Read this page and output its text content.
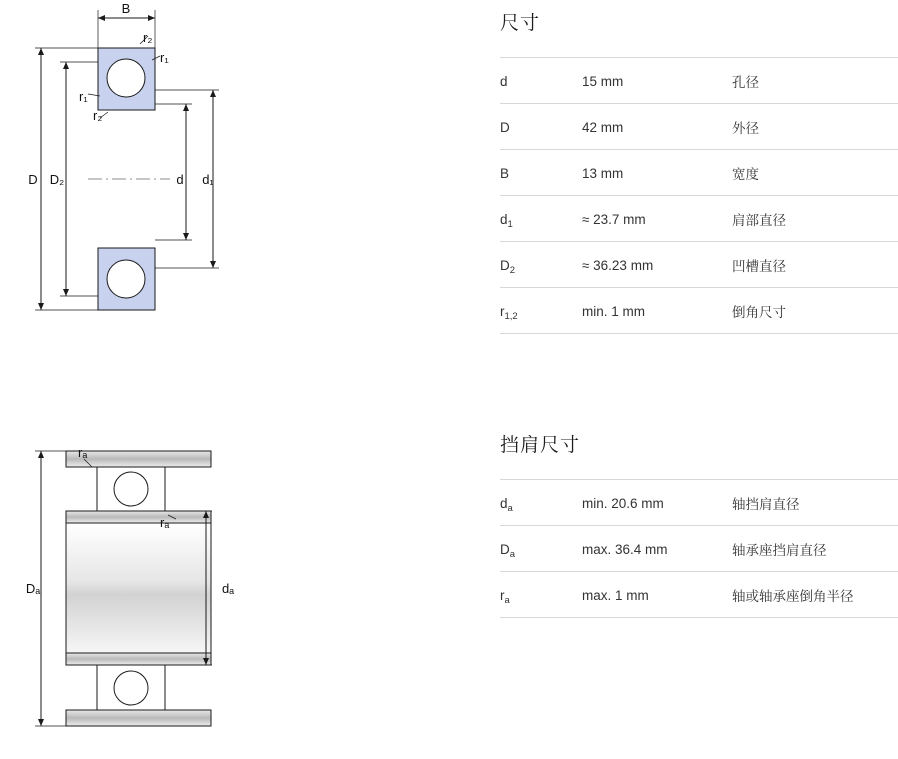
B
r₂
r₁
r₁
r₂
D D₂	d d₁
rₐ
rₐ
Dₐ	dₐ
尺寸
d	15 mm	孔径
D	42 mm	外径
B	13 mm	宽度
$d_1$	≈ 23.7 mm	肩部直径
$D_2$	≈ 36.23 mm	凹槽直径
$r_{1,2}$	min. 1 mm	倒角尺寸
挡肩尺寸
$d_a$	min. 20.6 mm	轴挡肩直径
$D_a$	max. 36.4 mm	轴承座挡肩直径
$r_a$	max. 1 mm	轴或轴承座倒角半径
